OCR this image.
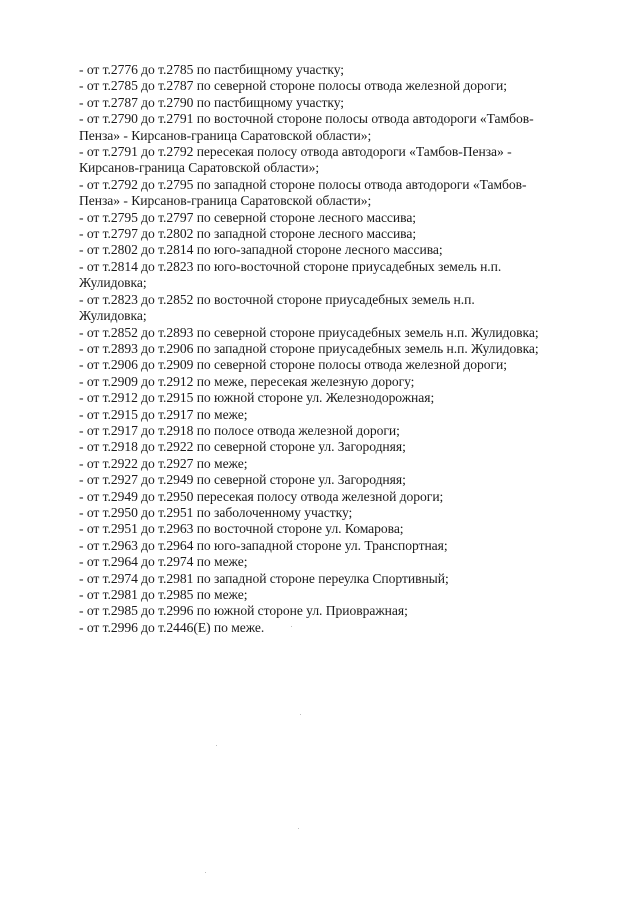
- от т.2776 до т.2785 по пастбищному участку;
- от т.2785 до т.2787 по северной стороне полосы отвода железной дороги;
- от т.2787 до т.2790 по пастбищному участку;
- от т.2790 до т.2791 по восточной стороне полосы отвода автодороги «Тамбов-
Пенза» - Кирсанов-граница Саратовской области»;
- от т.2791 до т.2792 пересекая полосу отвода автодороги «Тамбов-Пенза» -
Кирсанов-граница Саратовской области»;
- от т.2792 до т.2795 по западной стороне полосы отвода автодороги «Тамбов-
Пенза» - Кирсанов-граница Саратовской области»;
- от т.2795 до т.2797 по северной стороне лесного массива;
- от т.2797 до т.2802 по западной стороне лесного массива;
- от т.2802 до т.2814 по юго-западной стороне лесного массива;
- от т.2814 до т.2823 по юго-восточной стороне приусадебных земель н.п.
Жулидовка;
- от т.2823 до т.2852 по восточной стороне приусадебных земель н.п.
Жулидовка;
- от т.2852 до т.2893 по северной стороне приусадебных земель н.п. Жулидовка;
- от т.2893 до т.2906 по западной стороне приусадебных земель н.п. Жулидовка;
- от т.2906 до т.2909 по северной стороне полосы отвода железной дороги;
- от т.2909 до т.2912 по меже, пересекая железную дорогу;
- от т.2912 до т.2915 по южной стороне ул. Железнодорожная;
- от т.2915 до т.2917 по меже;
- от т.2917 до т.2918 по полосе отвода железной дороги;
- от т.2918 до т.2922 по северной стороне ул. Загородняя;
- от т.2922 до т.2927 по меже;
- от т.2927 до т.2949 по северной стороне ул. Загородняя;
- от т.2949 до т.2950 пересекая полосу отвода железной дороги;
- от т.2950 до т.2951 по заболоченному участку;
- от т.2951 до т.2963 по восточной стороне ул. Комарова;
- от т.2963 до т.2964 по юго-западной стороне ул. Транспортная;
- от т.2964 до т.2974 по меже;
- от т.2974 до т.2981 по западной стороне переулка Спортивный;
- от т.2981 до т.2985 по меже;
- от т.2985 до т.2996 по южной стороне ул. Приовражная;
- от т.2996 до т.2446(Е) по меже.
